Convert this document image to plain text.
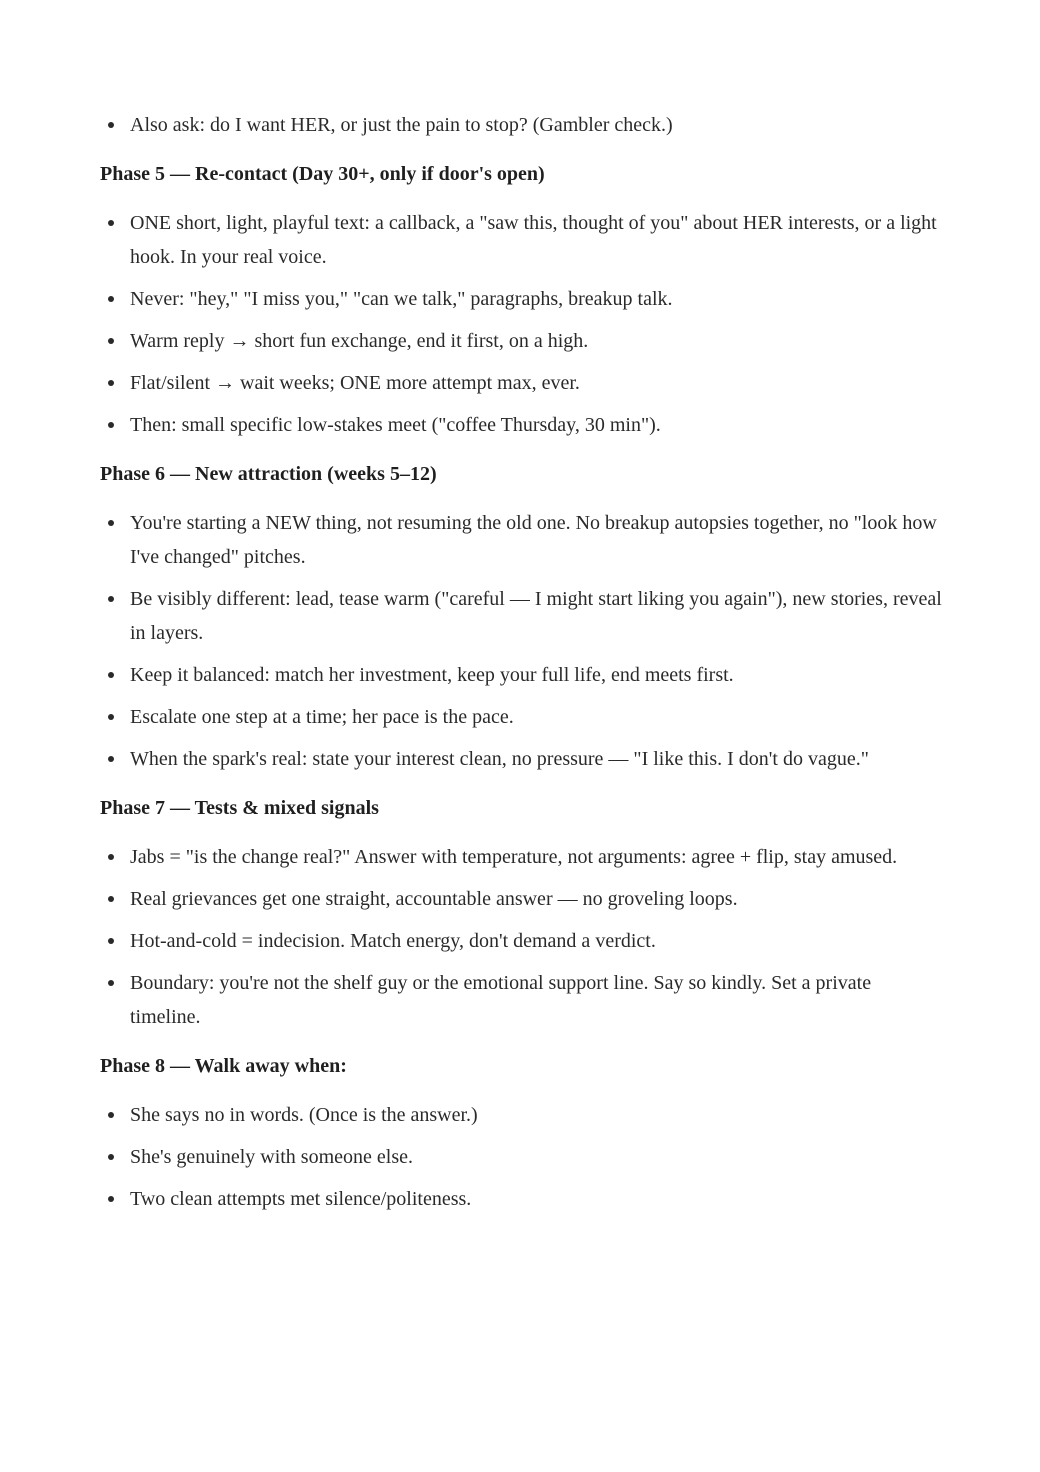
Also ask: do I want HER, or just the pain to stop? (Gambler check.)
Phase 5 — Re-contact (Day 30+, only if door's open)
ONE short, light, playful text: a callback, a "saw this, thought of you" about HER interests, or a light hook. In your real voice.
Never: "hey," "I miss you," "can we talk," paragraphs, breakup talk.
Warm reply → short fun exchange, end it first, on a high.
Flat/silent → wait weeks; ONE more attempt max, ever.
Then: small specific low-stakes meet ("coffee Thursday, 30 min").
Phase 6 — New attraction (weeks 5–12)
You're starting a NEW thing, not resuming the old one. No breakup autopsies together, no "look how I've changed" pitches.
Be visibly different: lead, tease warm ("careful — I might start liking you again"), new stories, reveal in layers.
Keep it balanced: match her investment, keep your full life, end meets first.
Escalate one step at a time; her pace is the pace.
When the spark's real: state your interest clean, no pressure — "I like this. I don't do vague."
Phase 7 — Tests & mixed signals
Jabs = "is the change real?" Answer with temperature, not arguments: agree + flip, stay amused.
Real grievances get one straight, accountable answer — no groveling loops.
Hot-and-cold = indecision. Match energy, don't demand a verdict.
Boundary: you're not the shelf guy or the emotional support line. Say so kindly. Set a private timeline.
Phase 8 — Walk away when:
She says no in words. (Once is the answer.)
She's genuinely with someone else.
Two clean attempts met silence/politeness.
